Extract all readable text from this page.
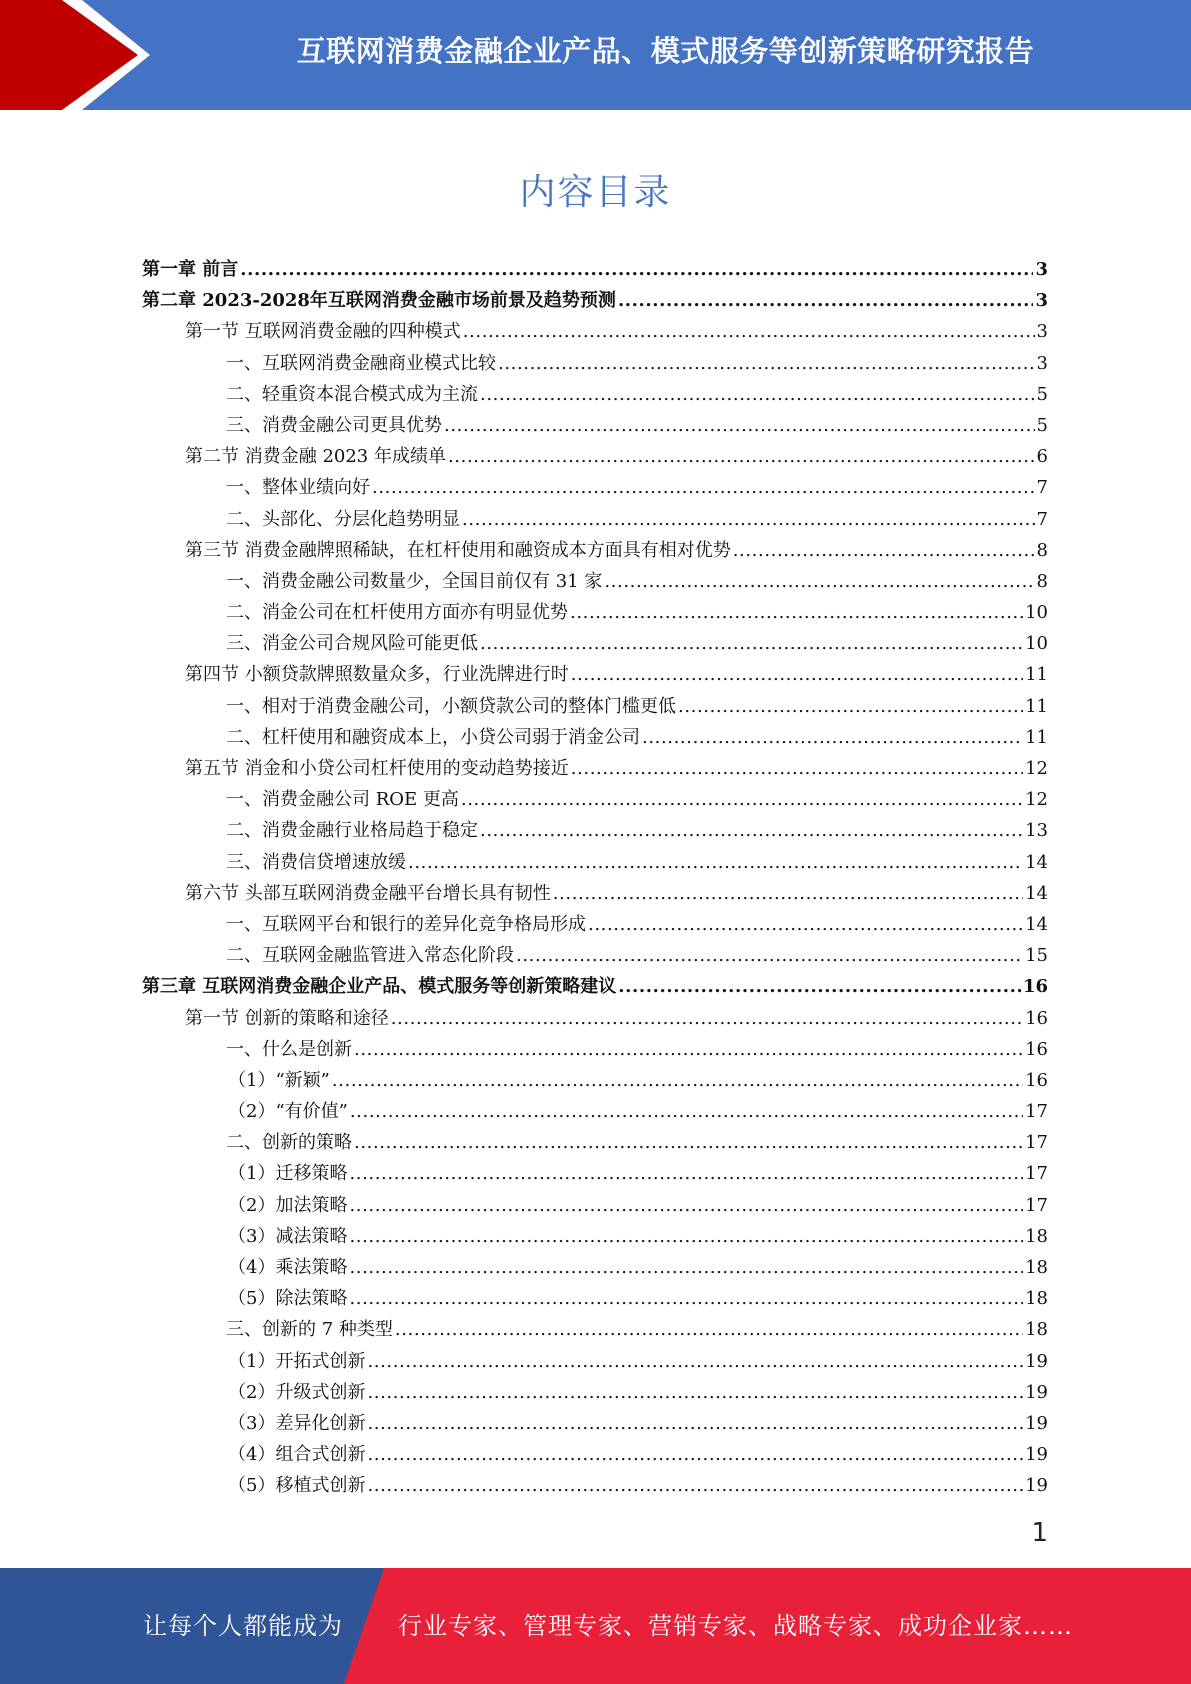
互联网消费金融企业产品、模式服务等创新策略研究报告
内容目录
第一章 前言 .....	3
第二章 2023-2028年互联网消费金融市场前景及趋势预测 .....	3
第一节 互联网消费金融的四种模式 .....	3
一、互联网消费金融商业模式比较 .....	3
二、轻重资本混合模式成为主流 .....	5
三、消费金融公司更具优势 .....	5
第二节 消费金融 2023 年成绩单 .....	6
一、整体业绩向好 .....	7
二、头部化、分层化趋势明显 .....	7
第三节 消费金融牌照稀缺，在杠杆使用和融资成本方面具有相对优势 .....	8
一、消费金融公司数量少，全国目前仅有 31 家 .....	8
二、消金公司在杠杆使用方面亦有明显优势 .....	10
三、消金公司合规风险可能更低 .....	10
第四节 小额贷款牌照数量众多，行业洗牌进行时 .....	11
一、相对于消费金融公司，小额贷款公司的整体门槛更低 .....	11
二、杠杆使用和融资成本上，小贷公司弱于消金公司 .....	11
第五节 消金和小贷公司杠杆使用的变动趋势接近 .....	12
一、消费金融公司 ROE 更高 .....	12
二、消费金融行业格局趋于稳定 .....	13
三、消费信贷增速放缓 .....	14
第六节 头部互联网消费金融平台增长具有韧性 .....	14
一、互联网平台和银行的差异化竞争格局形成 .....	14
二、互联网金融监管进入常态化阶段 .....	15
第三章 互联网消费金融企业产品、模式服务等创新策略建议 .....	16
第一节 创新的策略和途径 .....	16
一、什么是创新 .....	16
（1）“新颖” .....	16
（2）“有价值” .....	17
二、创新的策略 .....	17
（1）迁移策略 .....	17
（2）加法策略 .....	17
（3）减法策略 .....	18
（4）乘法策略 .....	18
（5）除法策略 .....	18
三、创新的 7 种类型 .....	18
（1）开拓式创新 .....	19
（2）升级式创新 .....	19
（3）差异化创新 .....	19
（4）组合式创新 .....	19
（5）移植式创新 .....	19
1
让每个人都能成为 行业专家、管理专家、营销专家、战略专家、成功企业家……
